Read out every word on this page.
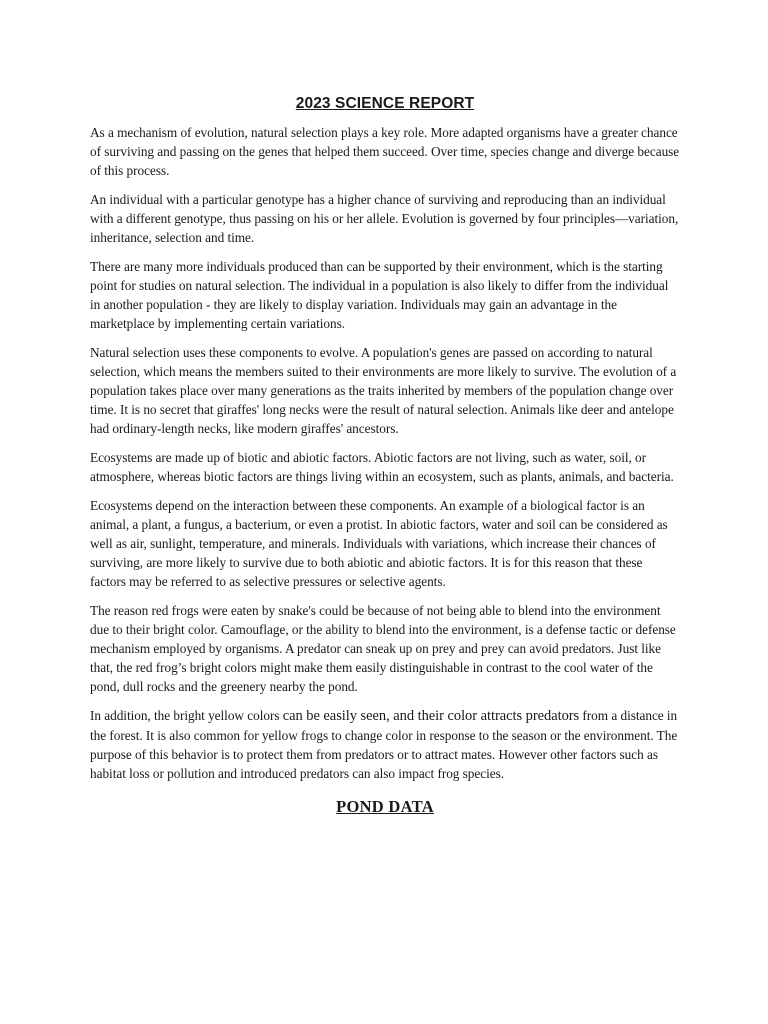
2023 SCIENCE REPORT

As a mechanism of evolution, natural selection plays a key role. More adapted organisms have a greater chance of surviving and passing on the genes that helped them succeed. Over time, species change and diverge because of this process.

An individual with a particular genotype has a higher chance of surviving and reproducing than an individual with a different genotype, thus passing on his or her allele. Evolution is governed by four principles—variation, inheritance, selection and time.

There are many more individuals produced than can be supported by their environment, which is the starting point for studies on natural selection. The individual in a population is also likely to differ from the individual in another population - they are likely to display variation. Individuals may gain an advantage in the marketplace by implementing certain variations.

Natural selection uses these components to evolve. A population's genes are passed on according to natural selection, which means the members suited to their environments are more likely to survive. The evolution of a population takes place over many generations as the traits inherited by members of the population change over time. It is no secret that giraffes' long necks were the result of natural selection. Animals like deer and antelope had ordinary-length necks, like modern giraffes' ancestors.

Ecosystems are made up of biotic and abiotic factors. Abiotic factors are not living, such as water, soil, or atmosphere, whereas biotic factors are things living within an ecosystem, such as plants, animals, and bacteria.

Ecosystems depend on the interaction between these components. An example of a biological factor is an animal, a plant, a fungus, a bacterium, or even a protist. In abiotic factors, water and soil can be considered as well as air, sunlight, temperature, and minerals. Individuals with variations, which increase their chances of surviving, are more likely to survive due to both abiotic and abiotic factors. It is for this reason that these factors may be referred to as selective pressures or selective agents.

The reason red frogs were eaten by snake's could be because of not being able to blend into the environment due to their bright color. Camouflage, or the ability to blend into the environment, is a defense tactic or defense mechanism employed by organisms. A predator can sneak up on prey and prey can avoid predators. Just like that, the red frog’s bright colors might make them easily distinguishable in contrast to the cool water of the pond, dull rocks and the greenery nearby the pond.

In addition, the bright yellow colors can be easily seen, and their color attracts predators from a distance in the forest. It is also common for yellow frogs to change color in response to the season or the environment. The purpose of this behavior is to protect them from predators or to attract mates. However other factors such as habitat loss or pollution and introduced predators can also impact frog species.

POND DATA
